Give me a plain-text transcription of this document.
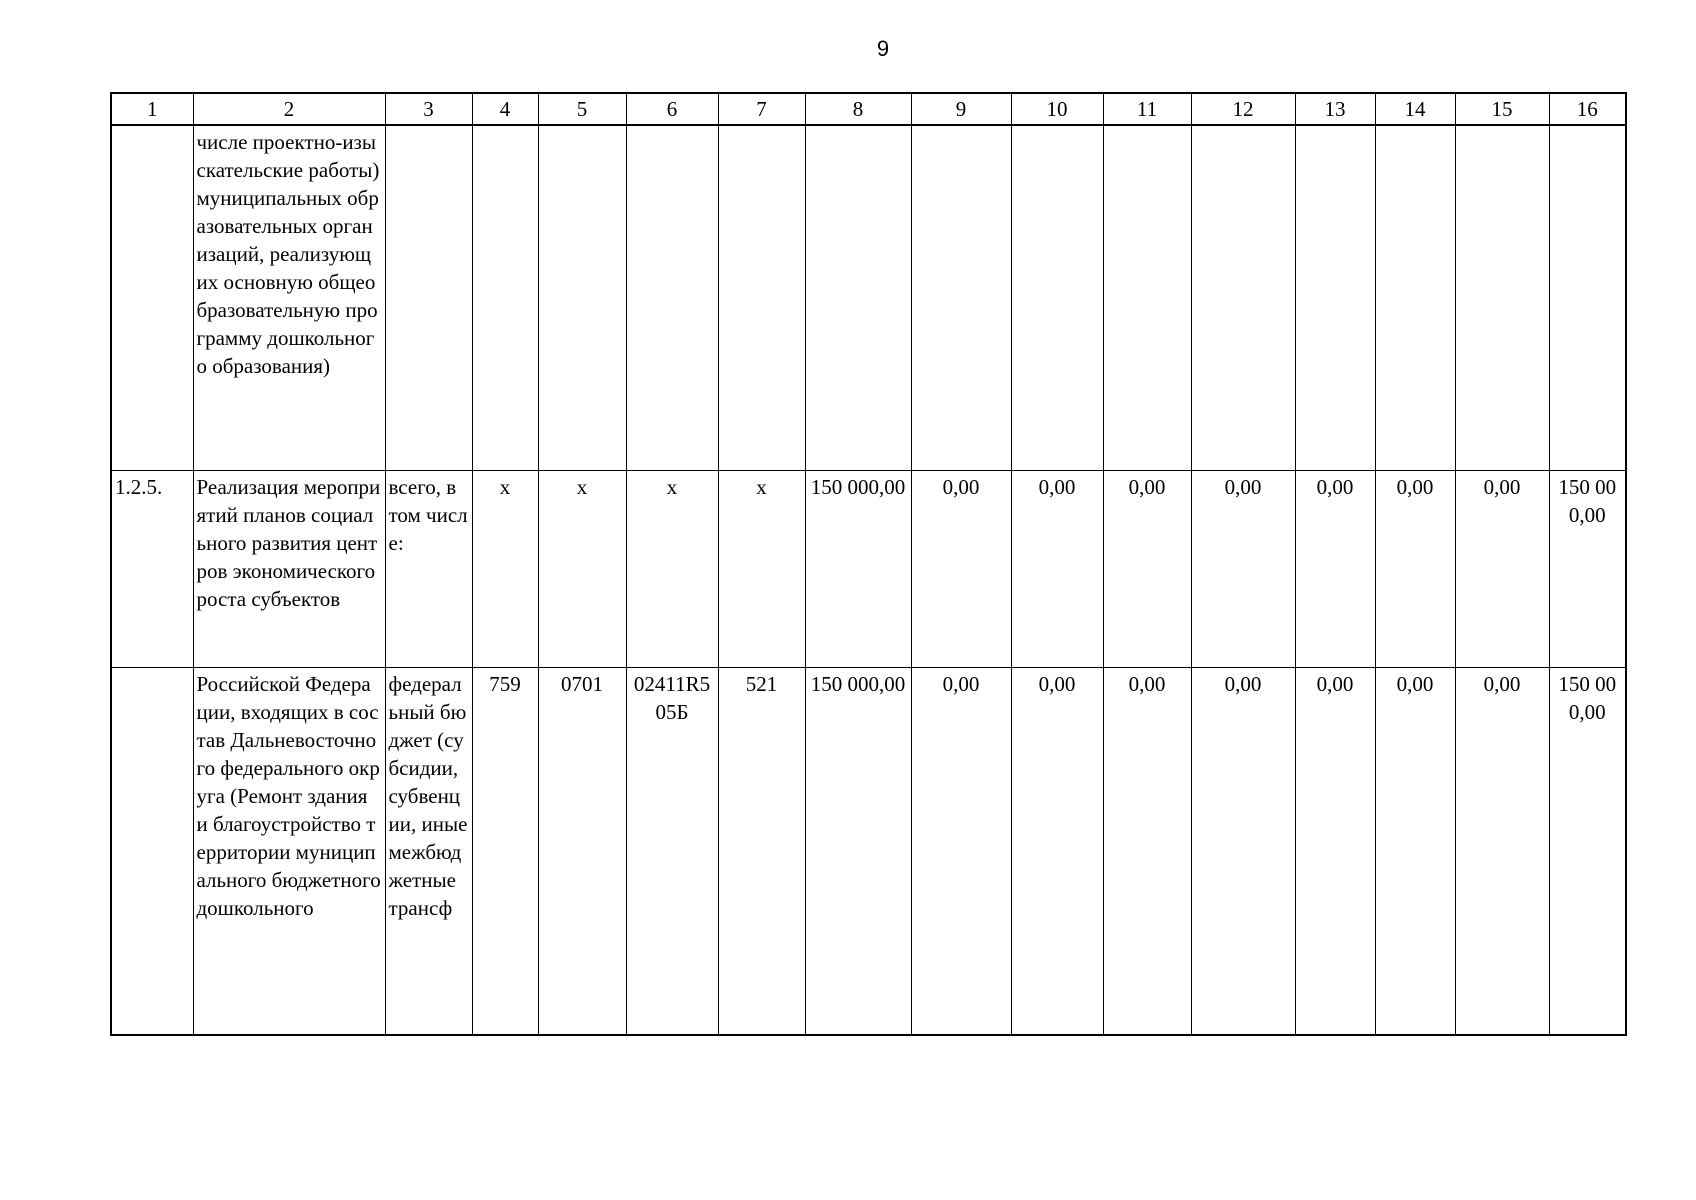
9
1	2	3	4	5	6	7	8	9	10	11	12	13	14	15	16
	числе проектно-изыскательские работы) муниципальных образовательных организаций, реализующих основную общеобразовательную программу дошкольного образования)														
1.2.5.	Реализация мероприятий планов социального развития центров экономического роста субъектов	всего, в том числе:	x	x	x	x	150 000,00	0,00	0,00	0,00	0,00	0,00	0,00	0,00	150 000,00
	Российской Федерации, входящих в состав Дальневосточного федерального округа (Ремонт здания и благоустройство территории муниципального бюджетного дошкольного	федеральный бюджет (субсидии, субвенции, иные межбюджетные трансф	759	0701	02411R505Б	521	150 000,00	0,00	0,00	0,00	0,00	0,00	0,00	0,00	150 000,00
